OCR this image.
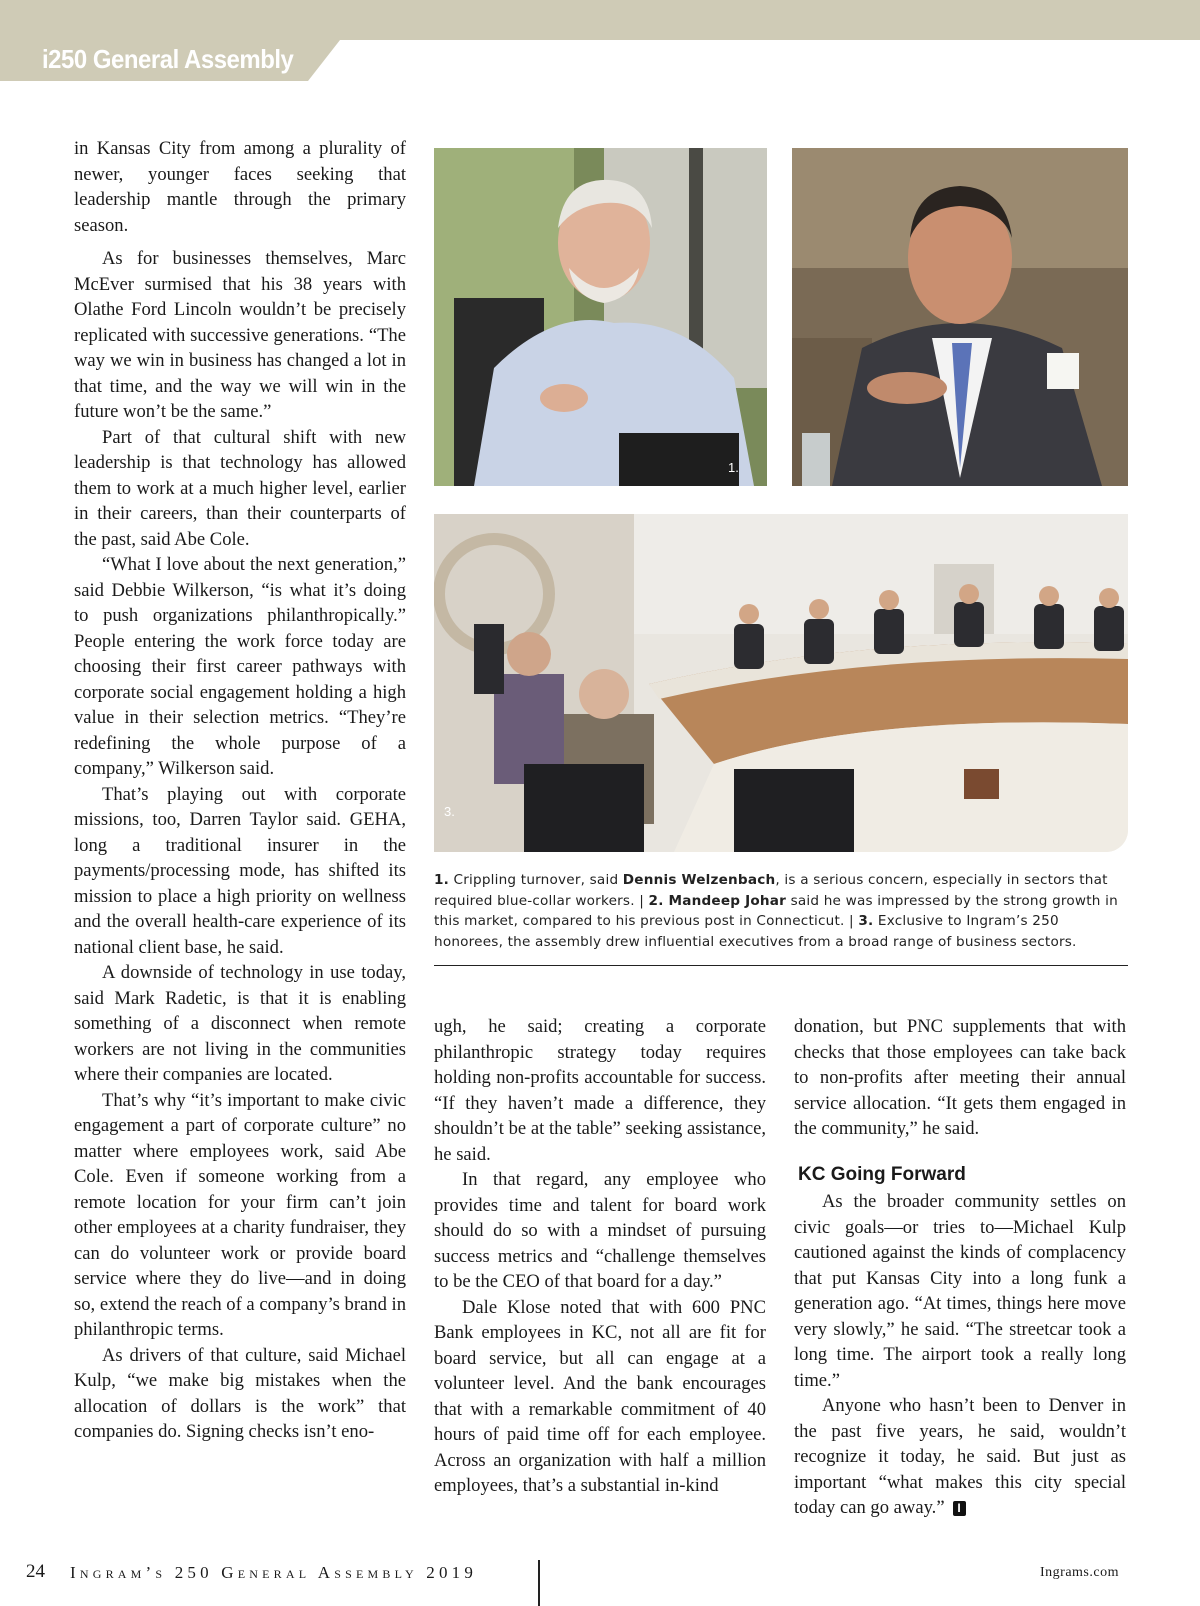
i250 General Assembly

in Kansas City from among a plurality of newer, younger faces seeking that leadership mantle through the primary season.

As for businesses themselves, Marc McEver surmised that his 38 years with Olathe Ford Lincoln wouldn’t be precisely replicated with successive generations. “The way we win in business has changed a lot in that time, and the way we will win in the future won’t be the same.”

Part of that cultural shift with new leadership is that technology has allowed them to work at a much higher level, earlier in their careers, than their counterparts of the past, said Abe Cole.

“What I love about the next generation,” said Debbie Wilkerson, “is what it’s doing to push organizations philanthropically.” People entering the work force today are choosing their first career pathways with corporate social engagement holding a high value in their selection metrics. “They’re redefining the whole purpose of a company,” Wilkerson said.

That’s playing out with corporate missions, too, Darren Taylor said. GEHA, long a traditional insurer in the payments/processing mode, has shifted its mission to place a high priority on wellness and the overall health-care experience of its national client base, he said.

A downside of technology in use today, said Mark Radetic, is that it is enabling something of a disconnect when remote workers are not living in the communities where their companies are located.

That’s why “it’s important to make civic engagement a part of corporate culture” no matter where employees work, said Abe Cole. Even if someone working from a remote location for your firm can’t join other employees at a charity fundraiser, they can do volunteer work or provide board service where they do live—and in doing so, extend the reach of a company’s brand in philanthropic terms.

As drivers of that culture, said Michael Kulp, “we make big mistakes when the allocation of dollars is the work” that companies do. Signing checks isn’t eno-

1.
3.
1. Crippling turnover, said Dennis Welzenbach, is a serious concern, especially in sectors that required blue-collar workers. | 2. Mandeep Johar said he was impressed by the strong growth in this market, compared to his previous post in Connecticut. | 3. Exclusive to Ingram’s 250 honorees, the assembly drew influential executives from a broad range of business sectors.

ugh, he said; creating a corporate philanthropic strategy today requires holding non-profits accountable for success. “If they haven’t made a difference, they shouldn’t be at the table” seeking assistance, he said.

In that regard, any employee who provides time and talent for board work should do so with a mindset of pursuing success metrics and “challenge themselves to be the CEO of that board for a day.”

Dale Klose noted that with 600 PNC Bank employees in KC, not all are fit for board service, but all can engage at a volunteer level. And the bank encourages that with a remarkable commitment of 40 hours of paid time off for each employee. Across an organization with half a million employees, that’s a substantial in-kind

donation, but PNC supplements that with checks that those employees can take back to non-profits after meeting their annual service allocation. “It gets them engaged in the community,” he said.

KC Going Forward

As the broader community settles on civic goals—or tries to—Michael Kulp cautioned against the kinds of complacency that put Kansas City into a long funk a generation ago. “At times, things here move very slowly,” he said. “The streetcar took a long time. The airport took a really long time.”

Anyone who hasn’t been to Denver in the past five years, he said, wouldn’t recognize it today, he said. But just as important “what makes this city special today can go away.” I

24 Ingram’s 250 General Assembly 2019	Ingrams.com
